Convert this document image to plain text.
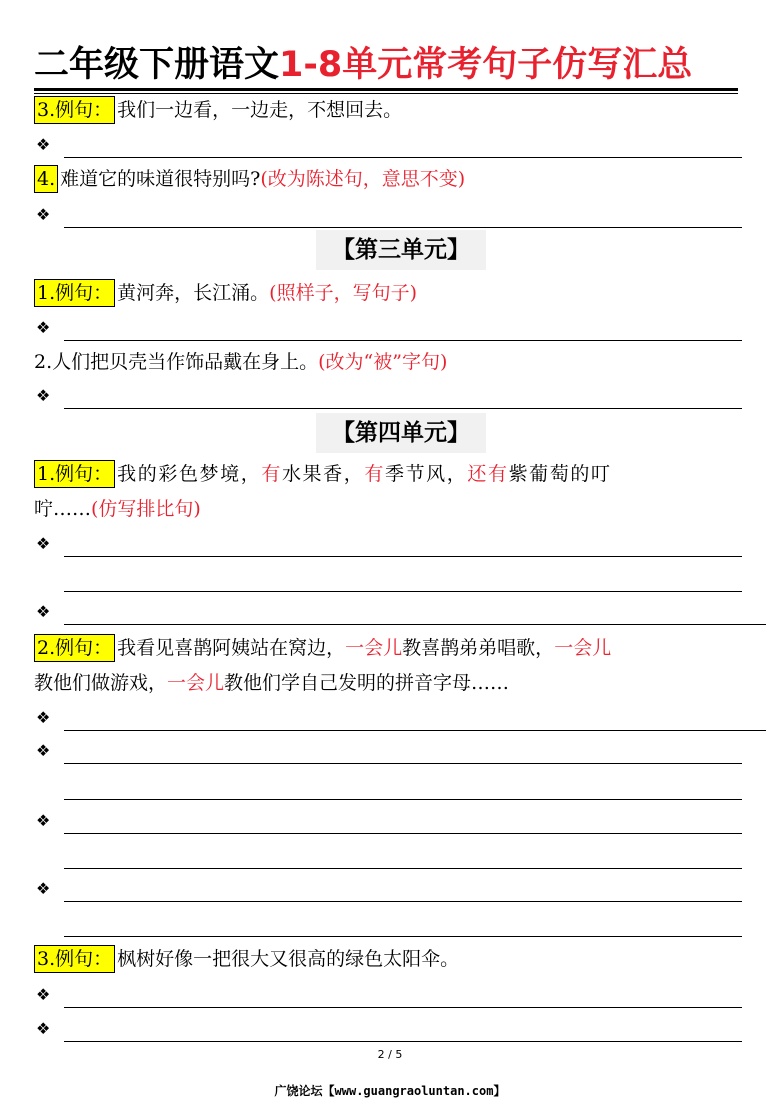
二年级下册语文1-8单元常考句子仿写汇总
3.例句： 我们一边看，一边走，不想回去。
❖
4. 难道它的味道很特别吗?(改为陈述句，意思不变)
❖
【第三单元】
1.例句： 黄河奔，长江涌。(照样子，写句子)
❖
2.人们把贝壳当作饰品戴在身上。(改为“被”字句)
❖
【第四单元】
1.例句： 我的彩色梦境，有水果香，有季节风，还有紫葡萄的叮
咛……(仿写排比句)
❖
❖
2.例句： 我看见喜鹊阿姨站在窝边，一会儿教喜鹊弟弟唱歌，一会儿
教他们做游戏，一会儿教他们学自己发明的拼音字母……
❖
❖
❖
❖
3.例句： 枫树好像一把很大又很高的绿色太阳伞。
❖
❖
2 / 5
广饶论坛【www.guangraoluntan.com】
